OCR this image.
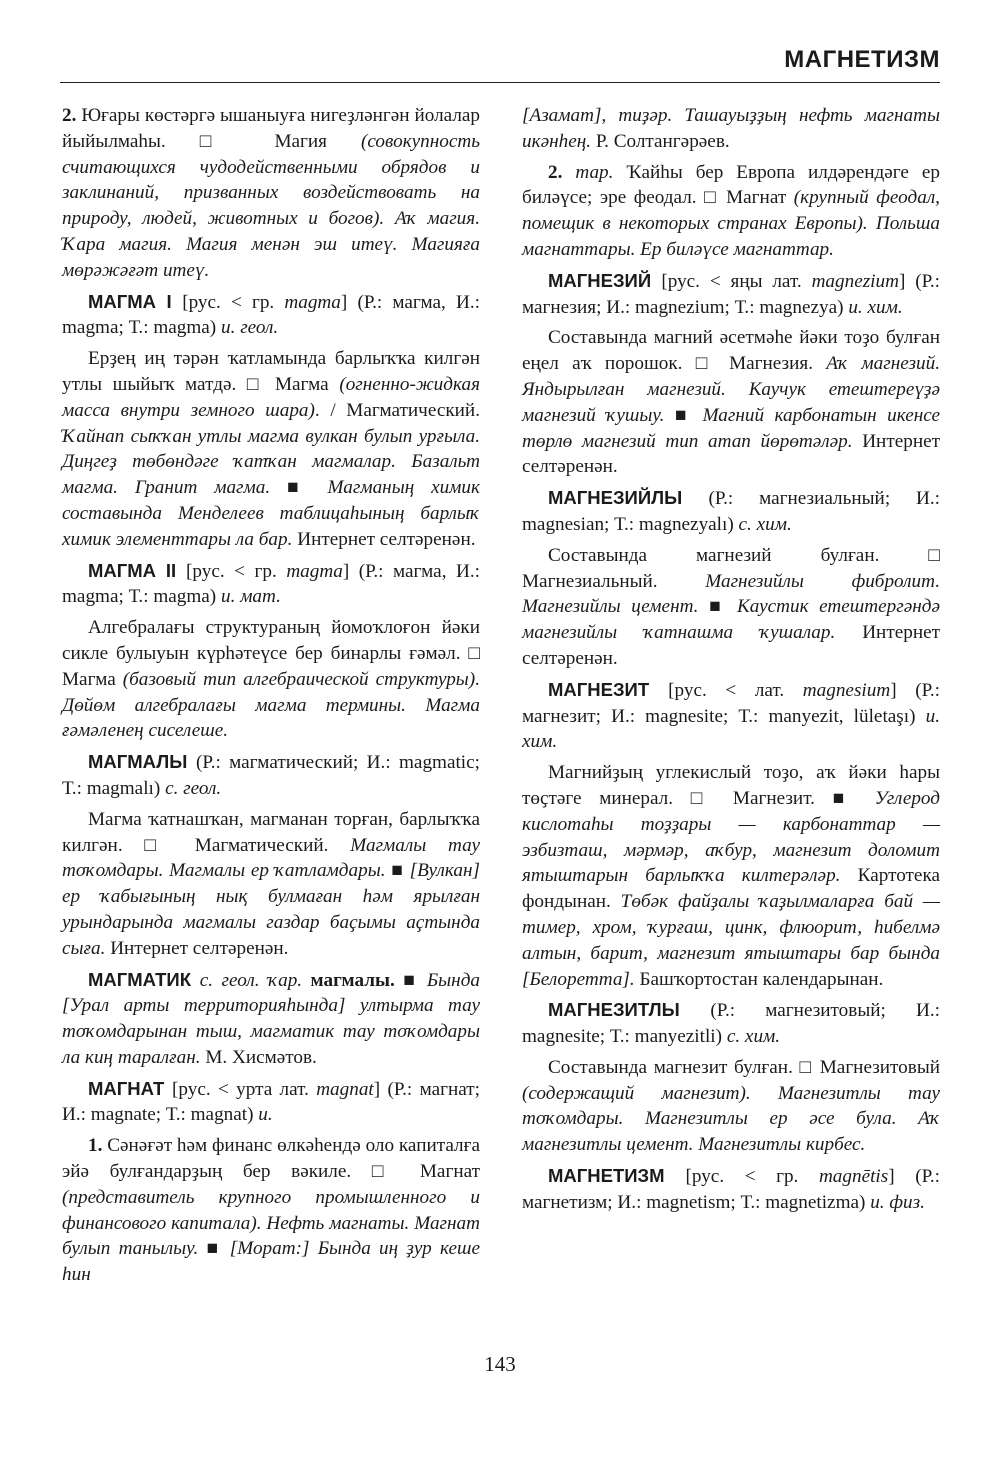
МАГНЕТИЗМ

2. Юғары көстәргә ышаныуға нигеҙләнгән йолалар йыйылмаһы. □ Магия (совокупность считающихся чудодейственными обрядов и заклинаний, призванных воздействовать на природу, людей, животных и богов). Аҡ магия. Ҡара магия. Магия менән эш итеү. Магияға мөрәжәғәт итеү.

МАГМА I [рус. < гр. magma] (Р.: магма, И.: magma; Т.: magma) и. геол.

Ерҙең иң тәрән ҡатламында барлыҡҡа килгән утлы шыйыҡ матдә. □ Магма (огненно-жидкая масса внутри земного шара). / Магматический. Ҡайнап сыҡҡан утлы магма вулкан булып урғыла. Диңгеҙ төбөндәге ҡатҡан магмалар. Базальт магма. Гранит магма. ■ Магманың химик составында Менделеев таблицаһының барлыҡ химик элементтары ла бар. Интернет селтәренән.

МАГМА II [рус. < гр. magma] (Р.: магма, И.: magma; Т.: magma) и. мат.

Алгебралағы структураның йомоҡлоғон йәки сикле булыуын күрһәтеүсе бер бинарлы ғәмәл. □ Магма (базовый тип алгебраической структуры). Дөйөм алгебралағы магма термины. Магма ғәмәленең сиселеше.

МАГМАЛЫ (Р.: магматический; И.: magmatic; Т.: magmalı) с. геол.

Магма ҡатнашҡан, магманан торған, барлыҡҡа килгән. □ Магматический. Магмалы тау тоҡомдары. Магмалы ер ҡатламдары. ■ [Вулкан] ер ҡабығының нық булмаған һәм ярылған урындарында магмалы газдар баҫымы аҫтында сыға. Интернет селтәренән.

МАГМАТИК с. геол. ҡар. магмалы. ■ Бында [Урал арты территорияһында] ултырма тау тоҡомдарынан тыш, магматик тау тоҡомдары ла киң таралған. М. Хисмәтов.

МАГНАТ [рус. < урта лат. magnat] (Р.: магнат; И.: magnate; Т.: magnat) и.

1. Сәнәғәт һәм финанс өлкәһендә оло капиталға эйә булғандарҙың бер вәкиле. □ Магнат (представитель крупного промышленного и финансового капитала). Нефть магнаты. Магнат булып танылыу. ■ [Морат:] Бында иң ҙур кеше һин

[Азамат], тиҙәр. Ташауыҙҙың нефть магнаты икәнһең. Р. Солтангәрәев.

2. тар. Ҡайһы бер Европа илдәрендәге ер биләүсе; эре феодал. □ Магнат (крупный феодал, помещик в некоторых странах Европы). Польша магнаттары. Ер биләүсе магнаттар.

МАГНЕЗИЙ [рус. < яңы лат. magnezium] (Р.: магнезия; И.: magnezium; Т.: magnezya) и. хим.

Составында магний әсетмәһе йәки тоҙо булған еңел аҡ порошок. □ Магнезия. Аҡ магнезий. Яндырылған магнезий. Каучук етештереүҙә магнезий ҡушыу. ■ Магний карбонатын икенсе төрлө магнезий тип атап йөрөтәләр. Интернет селтәренән.

МАГНЕЗИЙЛЫ (Р.: магнезиальный; И.: magnesian; Т.: magnezyalı) с. хим.

Составында магнезий булған. □ Магнезиальный. Магнезийлы фибролит. Магнезийлы цемент. ■ Каустик етештергәндә магнезийлы ҡатнашма ҡушалар. Интернет селтәренән.

МАГНЕЗИТ [рус. < лат. magnesium] (Р.: магнезит; И.: magnesite; Т.: manyezit, lületaşı) и. хим.

Магнийҙың углекислый тоҙо, аҡ йәки һары төҫтәге минерал. □ Магнезит. ■ Углерод кислотаһы тоҙҙары — карбонаттар — эзбизташ, мәрмәр, аҡбур, магнезит доломит ятыштарын барлыҡҡа килтерәләр. Картотека фондынан. Төбәк файҙалы ҡаҙылмаларға бай — тимер, хром, ҡурғаш, цинк, флюорит, һибелмә алтын, барит, магнезит ятыштары бар бында [Белоретта]. Башҡортостан календарынан.

МАГНЕЗИТЛЫ (Р.: магнезитовый; И.: magnesite; Т.: manyezitli) с. хим.

Составында магнезит булған. □ Магнезитовый (содержащий магнезит). Магнезитлы тау тоҡомдары. Магнезитлы ер әсе була. Аҡ магнезитлы цемент. Магнезитлы кирбес.

МАГНЕТИЗМ [рус. < гр. magnētis] (Р.: магнетизм; И.: magnetism; Т.: magnetizma) и. физ.

143
